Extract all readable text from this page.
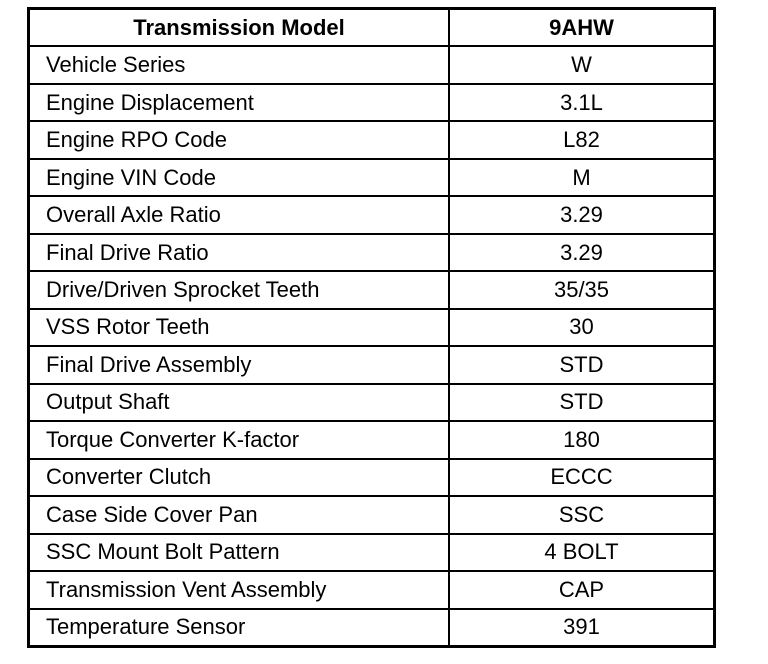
Transmission Model	9AHW
Vehicle Series	W
Engine Displacement	3.1L
Engine RPO Code	L82
Engine VIN Code	M
Overall Axle Ratio	3.29
Final Drive Ratio	3.29
Drive/Driven Sprocket Teeth	35/35
VSS Rotor Teeth	30
Final Drive Assembly	STD
Output Shaft	STD
Torque Converter K-factor	180
Converter Clutch	ECCC
Case Side Cover Pan	SSC
SSC Mount Bolt Pattern	4 BOLT
Transmission Vent Assembly	CAP
Temperature Sensor	391
